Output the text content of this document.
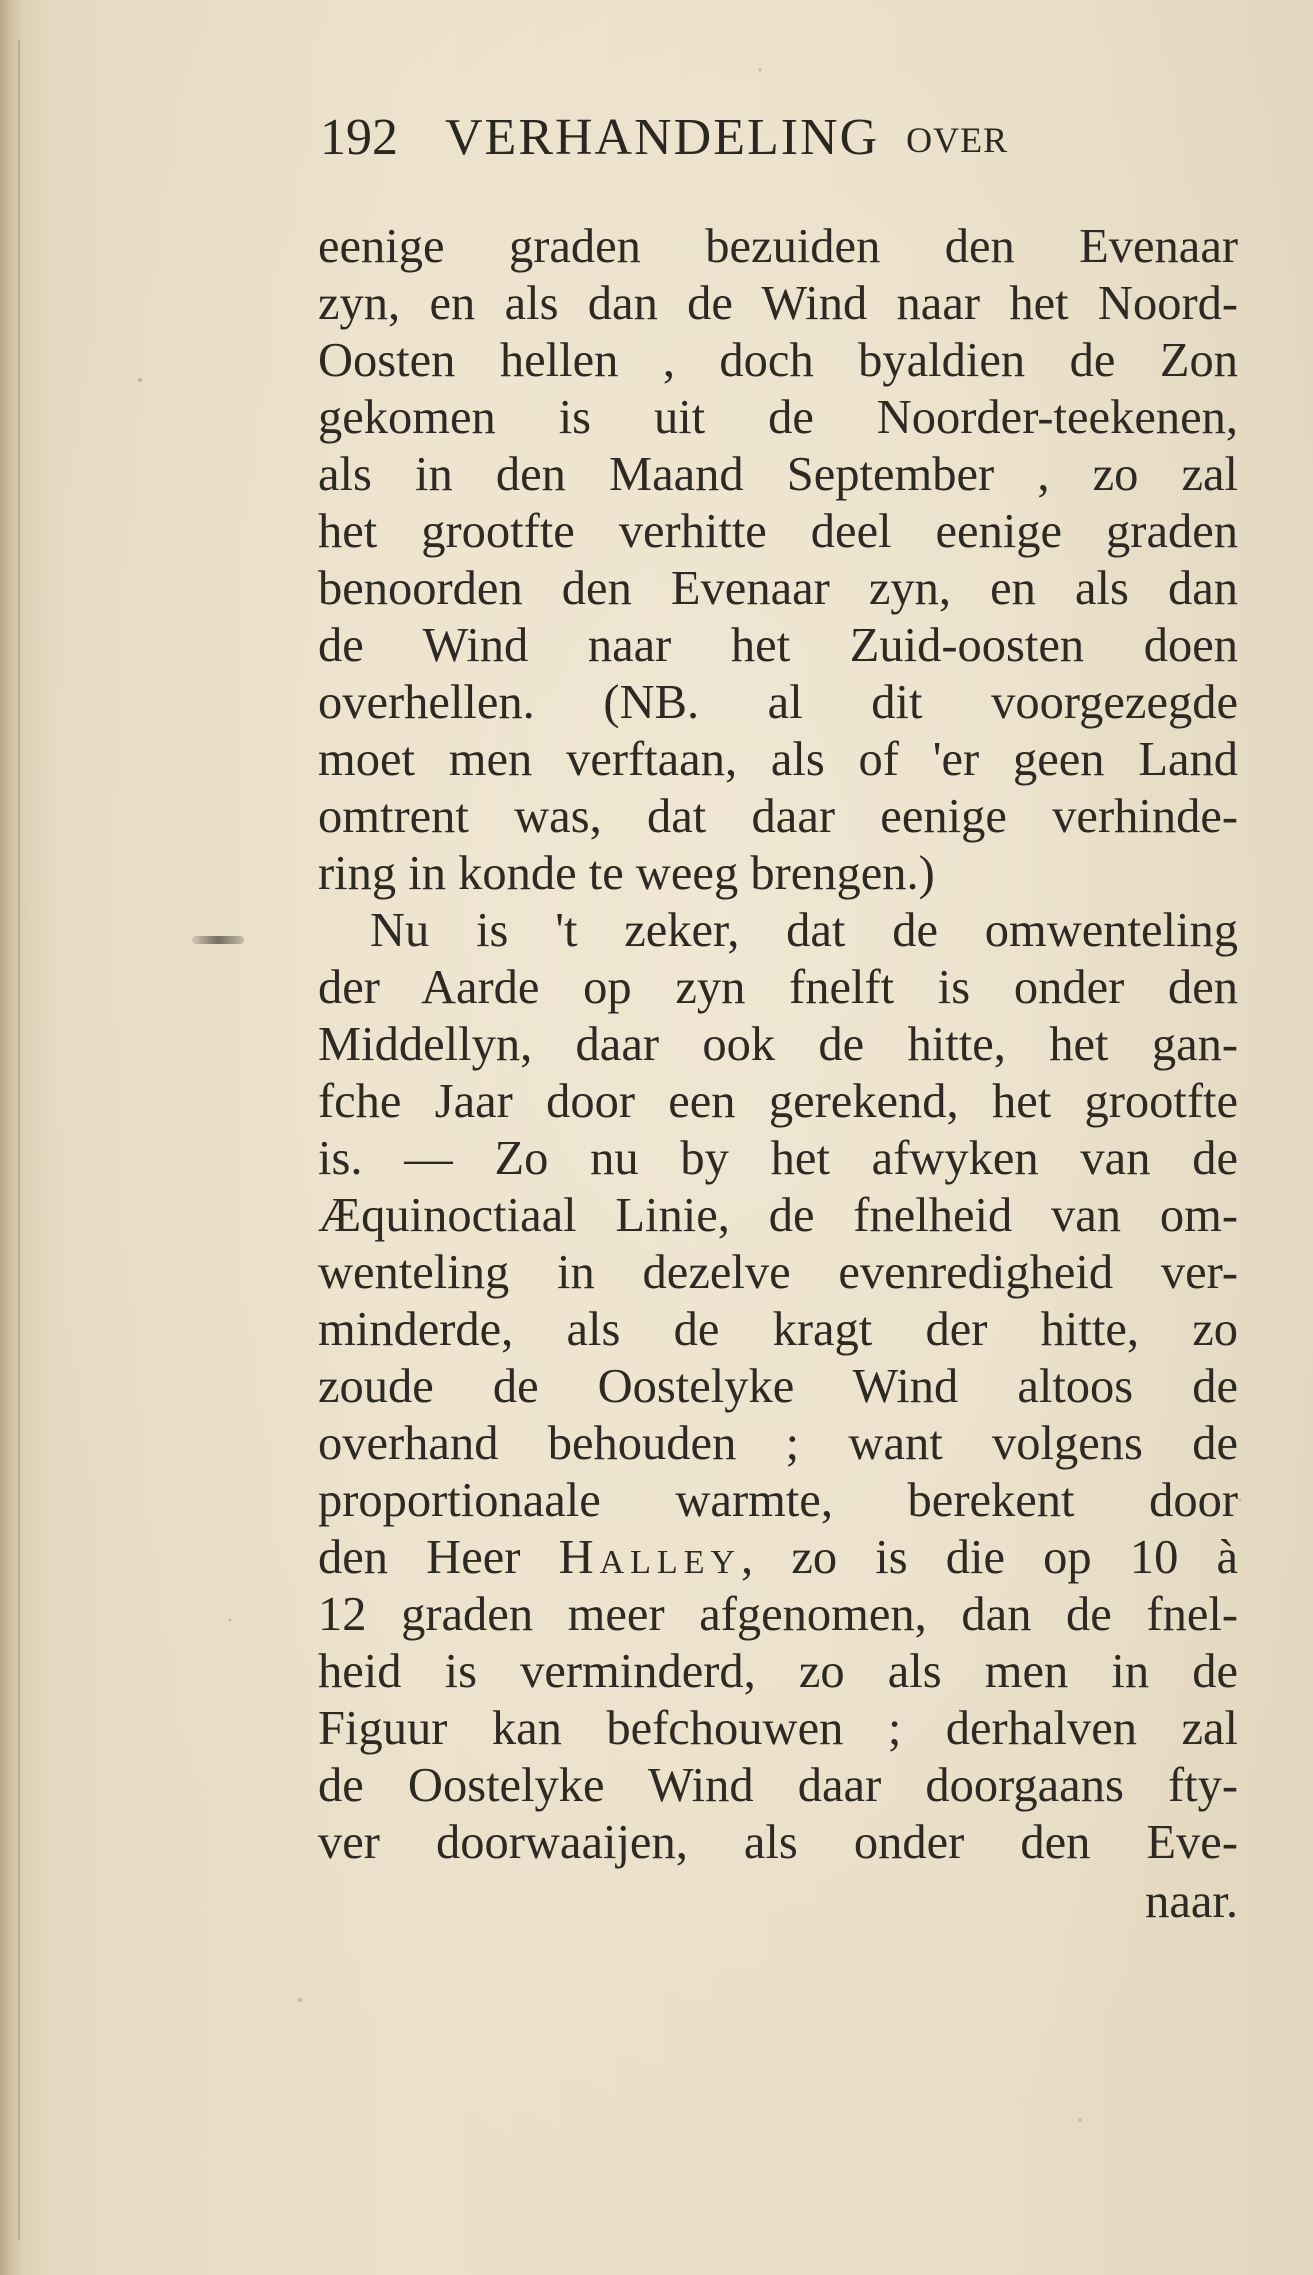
192 VERHANDELING OVER
eenige graden bezuiden den Evenaar
zyn, en als dan de Wind naar het Noord-
Oosten hellen , doch byaldien de Zon
gekomen is uit de Noorder-teekenen,
als in den Maand September , zo zal
het grootfte verhitte deel eenige graden
benoorden den Evenaar zyn, en als dan
de Wind naar het Zuid-oosten doen
overhellen. (NB. al dit voorgezegde
moet men verftaan, als of 'er geen Land
omtrent was, dat daar eenige verhinde-
ring in konde te weeg brengen.)
Nu is 't zeker, dat de omwenteling
der Aarde op zyn fnelft is onder den
Middellyn, daar ook de hitte, het gan-
fche Jaar door een gerekend, het grootfte
is. — Zo nu by het afwyken van de
Æquinoctiaal Linie, de fnelheid van om-
wenteling in dezelve evenredigheid ver-
minderde, als de kragt der hitte, zo
zoude de Oostelyke Wind altoos de
overhand behouden ; want volgens de
proportionaale warmte, berekent door
den Heer Halley, zo is die op 10 à
12 graden meer afgenomen, dan de fnel-
heid is verminderd, zo als men in de
Figuur kan befchouwen ; derhalven zal
de Oostelyke Wind daar doorgaans fty-
ver doorwaaijen, als onder den Eve-
naar.
